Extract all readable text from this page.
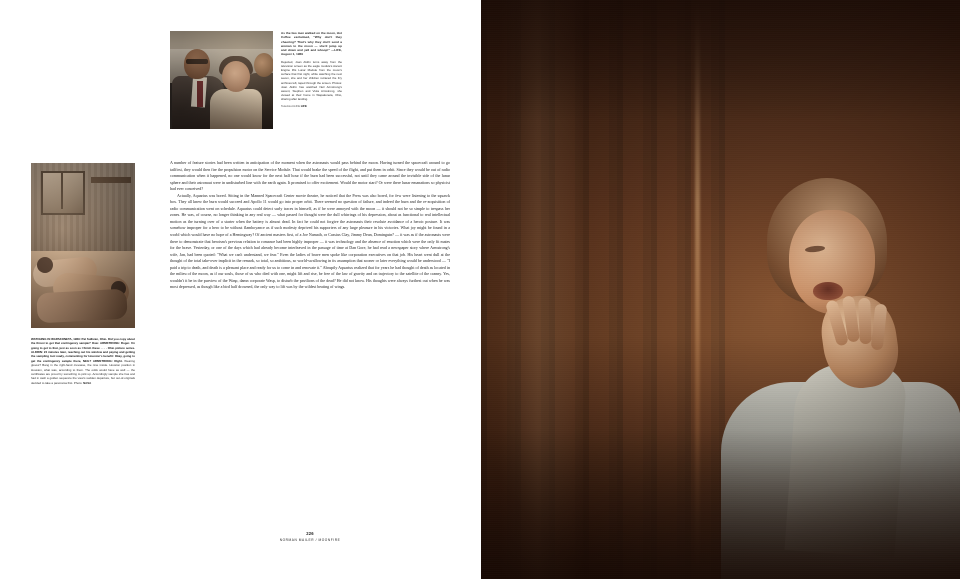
As the two men walked on the moon, Hot Coffee exclaimed, "Why don't they cheering? That's why they don't send a woman to the moon — she'd jump up and down and yell and whoop!" —LIFE, August 1, 1969

Dejected, Joan Aldrin turns away from the television screen as the eagle module's Ascent Engine lifts Lunar Module from the moon's surface that first night, while watching the next seven, she and her children retraced the Fry archives left, taped through the screen. Photos: Joan Aldrin has watched Neil Armstrong's ascent, Stephen and Viola Armstrong, she viewed at their home in Wapakoneta, Ohio, sharing after landing.

Television/LIFE LIFE
WATCHING IN WAPAKONETA, 1969: Pat Sullivan, Ohio. Did you copy about the thrust to get that contingency sample? Over. ARMSTRONG: Roger. I'm going to get to that, just as soon as I finish these . . . . Ohio picture series. ALDRIN: 24 minutes later, reaching out his window and paying and getting the sampling tool ready, commenting for Houston's benefit: Okay, going to get the contingency sample there, NEIL? ARMSTRONG: Right. Wearing gloves? Bang in the right-hand crevasse, the nine inside. Houston position in Houston, what was, according to them. The odds would have as well — the certificates are proud by something to pick up. Accordingly sample she has and had in cash a golden sequence the view's sudden departure, but out-of-originals decided to take a panorama first. Photo: NASA

A number of feature stories had been written in anticipation of the moment when the astronauts would pass behind the moon. Having turned the spacecraft around to go tailfirst, they would then fire the propulsion motor on the Service Module. That would brake the speed of the flight, and put them in orbit. Since they would be out of radio communication when it happened, no one would know for the next half hour if the burn had been successful, not until they came around the invisible side of the lunar sphere and their astronaut were in undisturbed line with the earth again. It promised to offer excitement. Would the motor start? Or were there lunar emanations so physicist had ever conceived?

Actually, Aquarius was bored. Sitting in the Manned Spacecraft Center movie theatre, he noticed that the Press was also bored, for few were listening to the squawk box. They all knew the burn would succeed and Apollo 11 would go into proper orbit. There seemed no question of failure, and indeed the burn and the re-acquisition of radio communication went on schedule. Aquarius could detect surly traces in himself, as if he were annoyed with the moon — it should not be so simple to trespass her zones. He was, of course, no longer thinking in any real way — what passed for thought were the dull whirrings of his depression, about as functional to real intellectual motion as the turning over of a starter when the battery is almost dead. In fact he could not forgive the astronauts their resolute avoidance of a heroic posture. It was somehow improper for a hero to be without flamboyance as if such modesty deprived his supporters of any large pleasure in his victories. What joy might be found in a world which would have no hope of a Hemingway? Of ancient masters first, of a Joe Namath, or Cassius Clay, Jimmy Dean, Dominguin? — it was as if the astronauts were there to demonstrate that heroism's previous relation to romance had been highly improper — it was technology and the absence of emotion which were the only fit mates for the brave. Yesterday, or one of the days which had already become interleaved in the passage of time at Dan Gore, he had read a newspaper story where Armstrong's wife, Jan, had been quoted: "What we can't understand, we fear." Even the ladies of brave men spoke like corporation executives on that job. His heart went dull at the thought of the total take-over implicit in the remark, so total, so ambitious, so world-swallowing in its assumption that sooner or later everything would be understood — "I paid a trip to death, and death is a pleasant place and ready for us to come in and renovate it." Abruptly Aquarius realized that for years he had thought of death as located in the milieu of the moon, as if our souls, those of us who died with one, might lift and rise, be free of the law of gravity and on trajectory to the satellite of the cranny. Yes, wouldn't it be in the purview of the Wasp, damn corporate Wasp, to disturb the pavilions of the dead? He did not know. His thoughts were always furthest out when he was most depressed, as though like a bird half drowned, the only way to lift was by the wildest beating of wings.

226
NORMAN MAILER / MOONFIRE
